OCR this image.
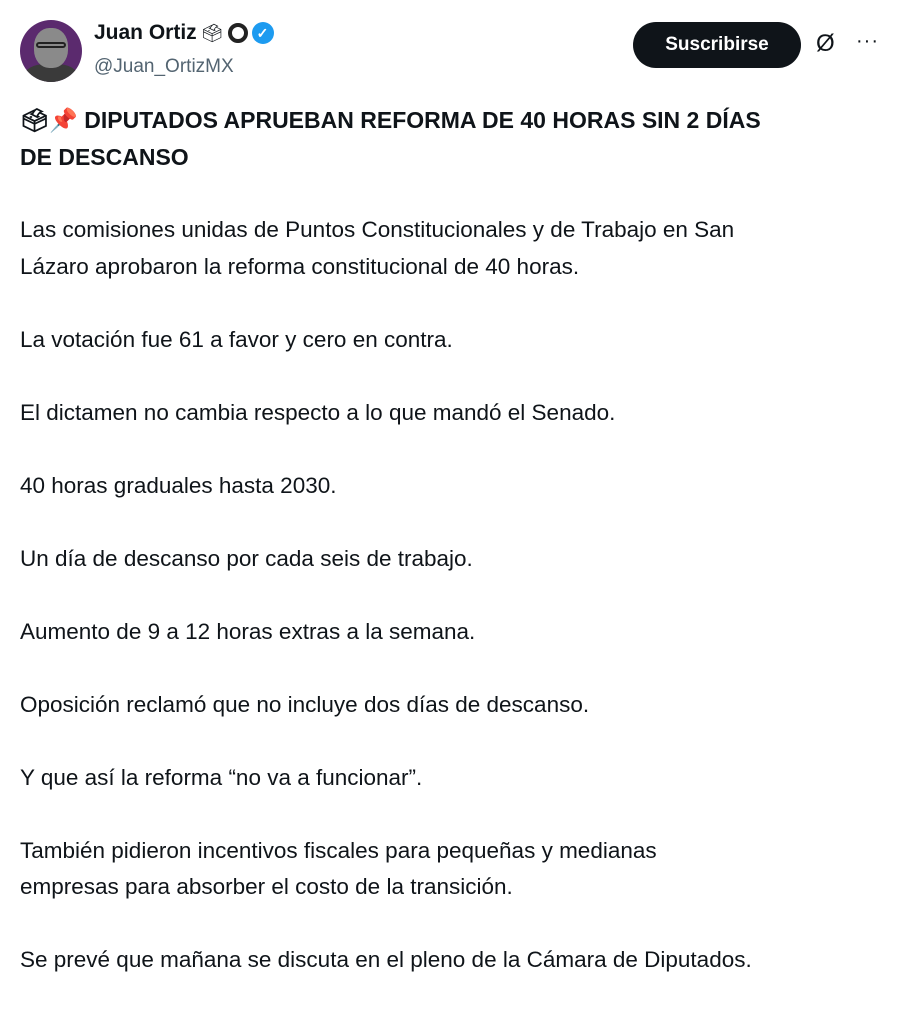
Juan Ortiz 🗳	✓
@Juan_OrtizMX
Suscribirse	Ø ···
🗳📌 DIPUTADOS APRUEBAN REFORMA DE 40 HORAS SIN 2 DÍAS
DE DESCANSO
Las comisiones unidas de Puntos Constitucionales y de Trabajo en San
Lázaro aprobaron la reforma constitucional de 40 horas.
La votación fue 61 a favor y cero en contra.
El dictamen no cambia respecto a lo que mandó el Senado.
40 horas graduales hasta 2030.
Un día de descanso por cada seis de trabajo.
Aumento de 9 a 12 horas extras a la semana.
Oposición reclamó que no incluye dos días de descanso.
Y que así la reforma “no va a funcionar”.
También pidieron incentivos fiscales para pequeñas y medianas
empresas para absorber el costo de la transición.
Se prevé que mañana se discuta en el pleno de la Cámara de Diputados.
